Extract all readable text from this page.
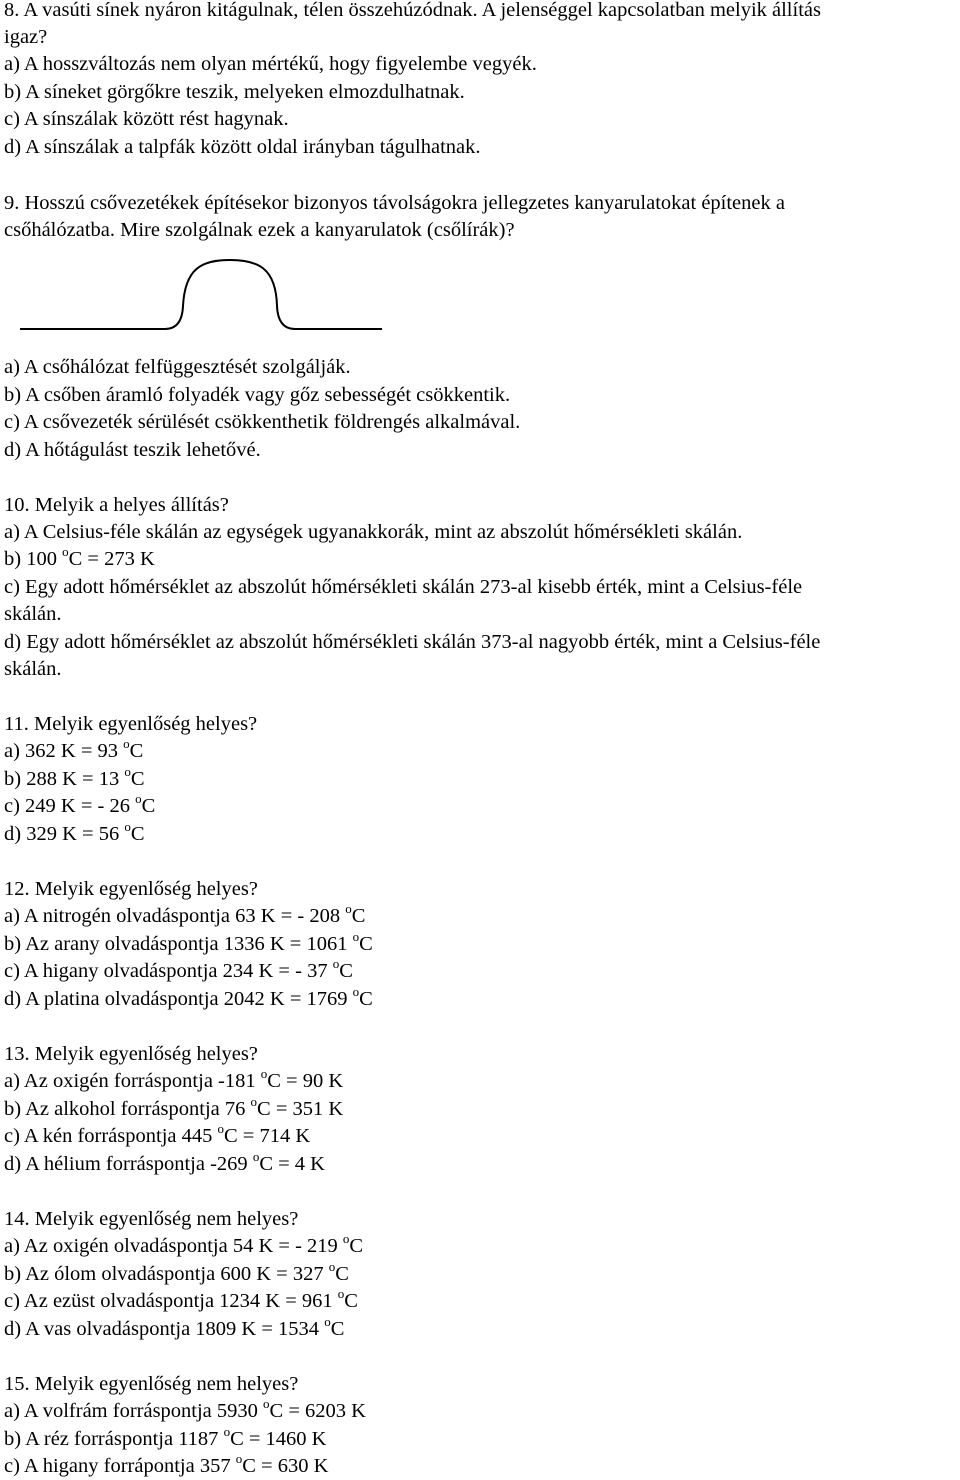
8. A vasúti sínek nyáron kitágulnak, télen összehúzódnak. A jelenséggel kapcsolatban melyik állítás
igaz?
a) A hosszváltozás nem olyan mértékű, hogy figyelembe vegyék.
b) A síneket görgőkre teszik, melyeken elmozdulhatnak.
c) A sínszálak között rést hagynak.
d) A sínszálak a talpfák között oldal irányban tágulhatnak.
9. Hosszú csővezetékek építésekor bizonyos távolságokra jellegzetes kanyarulatokat építenek a
csőhálózatba. Mire szolgálnak ezek a kanyarulatok (csőlírák)?
a) A csőhálózat felfüggesztését szolgálják.
b) A csőben áramló folyadék vagy gőz sebességét csökkentik.
c) A csővezeték sérülését csökkenthetik földrengés alkalmával.
d) A hőtágulást teszik lehetővé.
10. Melyik a helyes állítás?
a) A Celsius-féle skálán az egységek ugyanakkorák, mint az abszolút hőmérsékleti skálán.
b) 100 $^o$C = 273 K
c) Egy adott hőmérséklet az abszolút hőmérsékleti skálán 273-al kisebb érték, mint a Celsius-féle
skálán.
d) Egy adott hőmérséklet az abszolút hőmérsékleti skálán 373-al nagyobb érték, mint a Celsius-féle
skálán.
11. Melyik egyenlőség helyes?
a) 362 K = 93 $^o$C
b) 288 K = 13 $^o$C
c) 249 K = - 26 $^o$C
d) 329 K = 56 $^o$C
12. Melyik egyenlőség helyes?
a) A nitrogén olvadáspontja 63 K = - 208 $^o$C
b) Az arany olvadáspontja 1336 K = 1061 $^o$C
c) A higany olvadáspontja 234 K = - 37 $^o$C
d) A platina olvadáspontja 2042 K = 1769 $^o$C
13. Melyik egyenlőség helyes?
a) Az oxigén forráspontja -181 $^o$C = 90 K
b) Az alkohol forráspontja 76 $^o$C = 351 K
c) A kén forráspontja 445 $^o$C = 714 K
d) A hélium forráspontja -269 $^o$C = 4 K
14. Melyik egyenlőség nem helyes?
a) Az oxigén olvadáspontja 54 K = - 219 $^o$C
b) Az ólom olvadáspontja 600 K = 327 $^o$C
c) Az ezüst olvadáspontja 1234 K = 961 $^o$C
d) A vas olvadáspontja 1809 K = 1534 $^o$C
15. Melyik egyenlőség nem helyes?
a) A volfrám forráspontja 5930 $^o$C = 6203 K
b) A réz forráspontja 1187 $^o$C = 1460 K
c) A higany forrápontja 357 $^o$C = 630 K
